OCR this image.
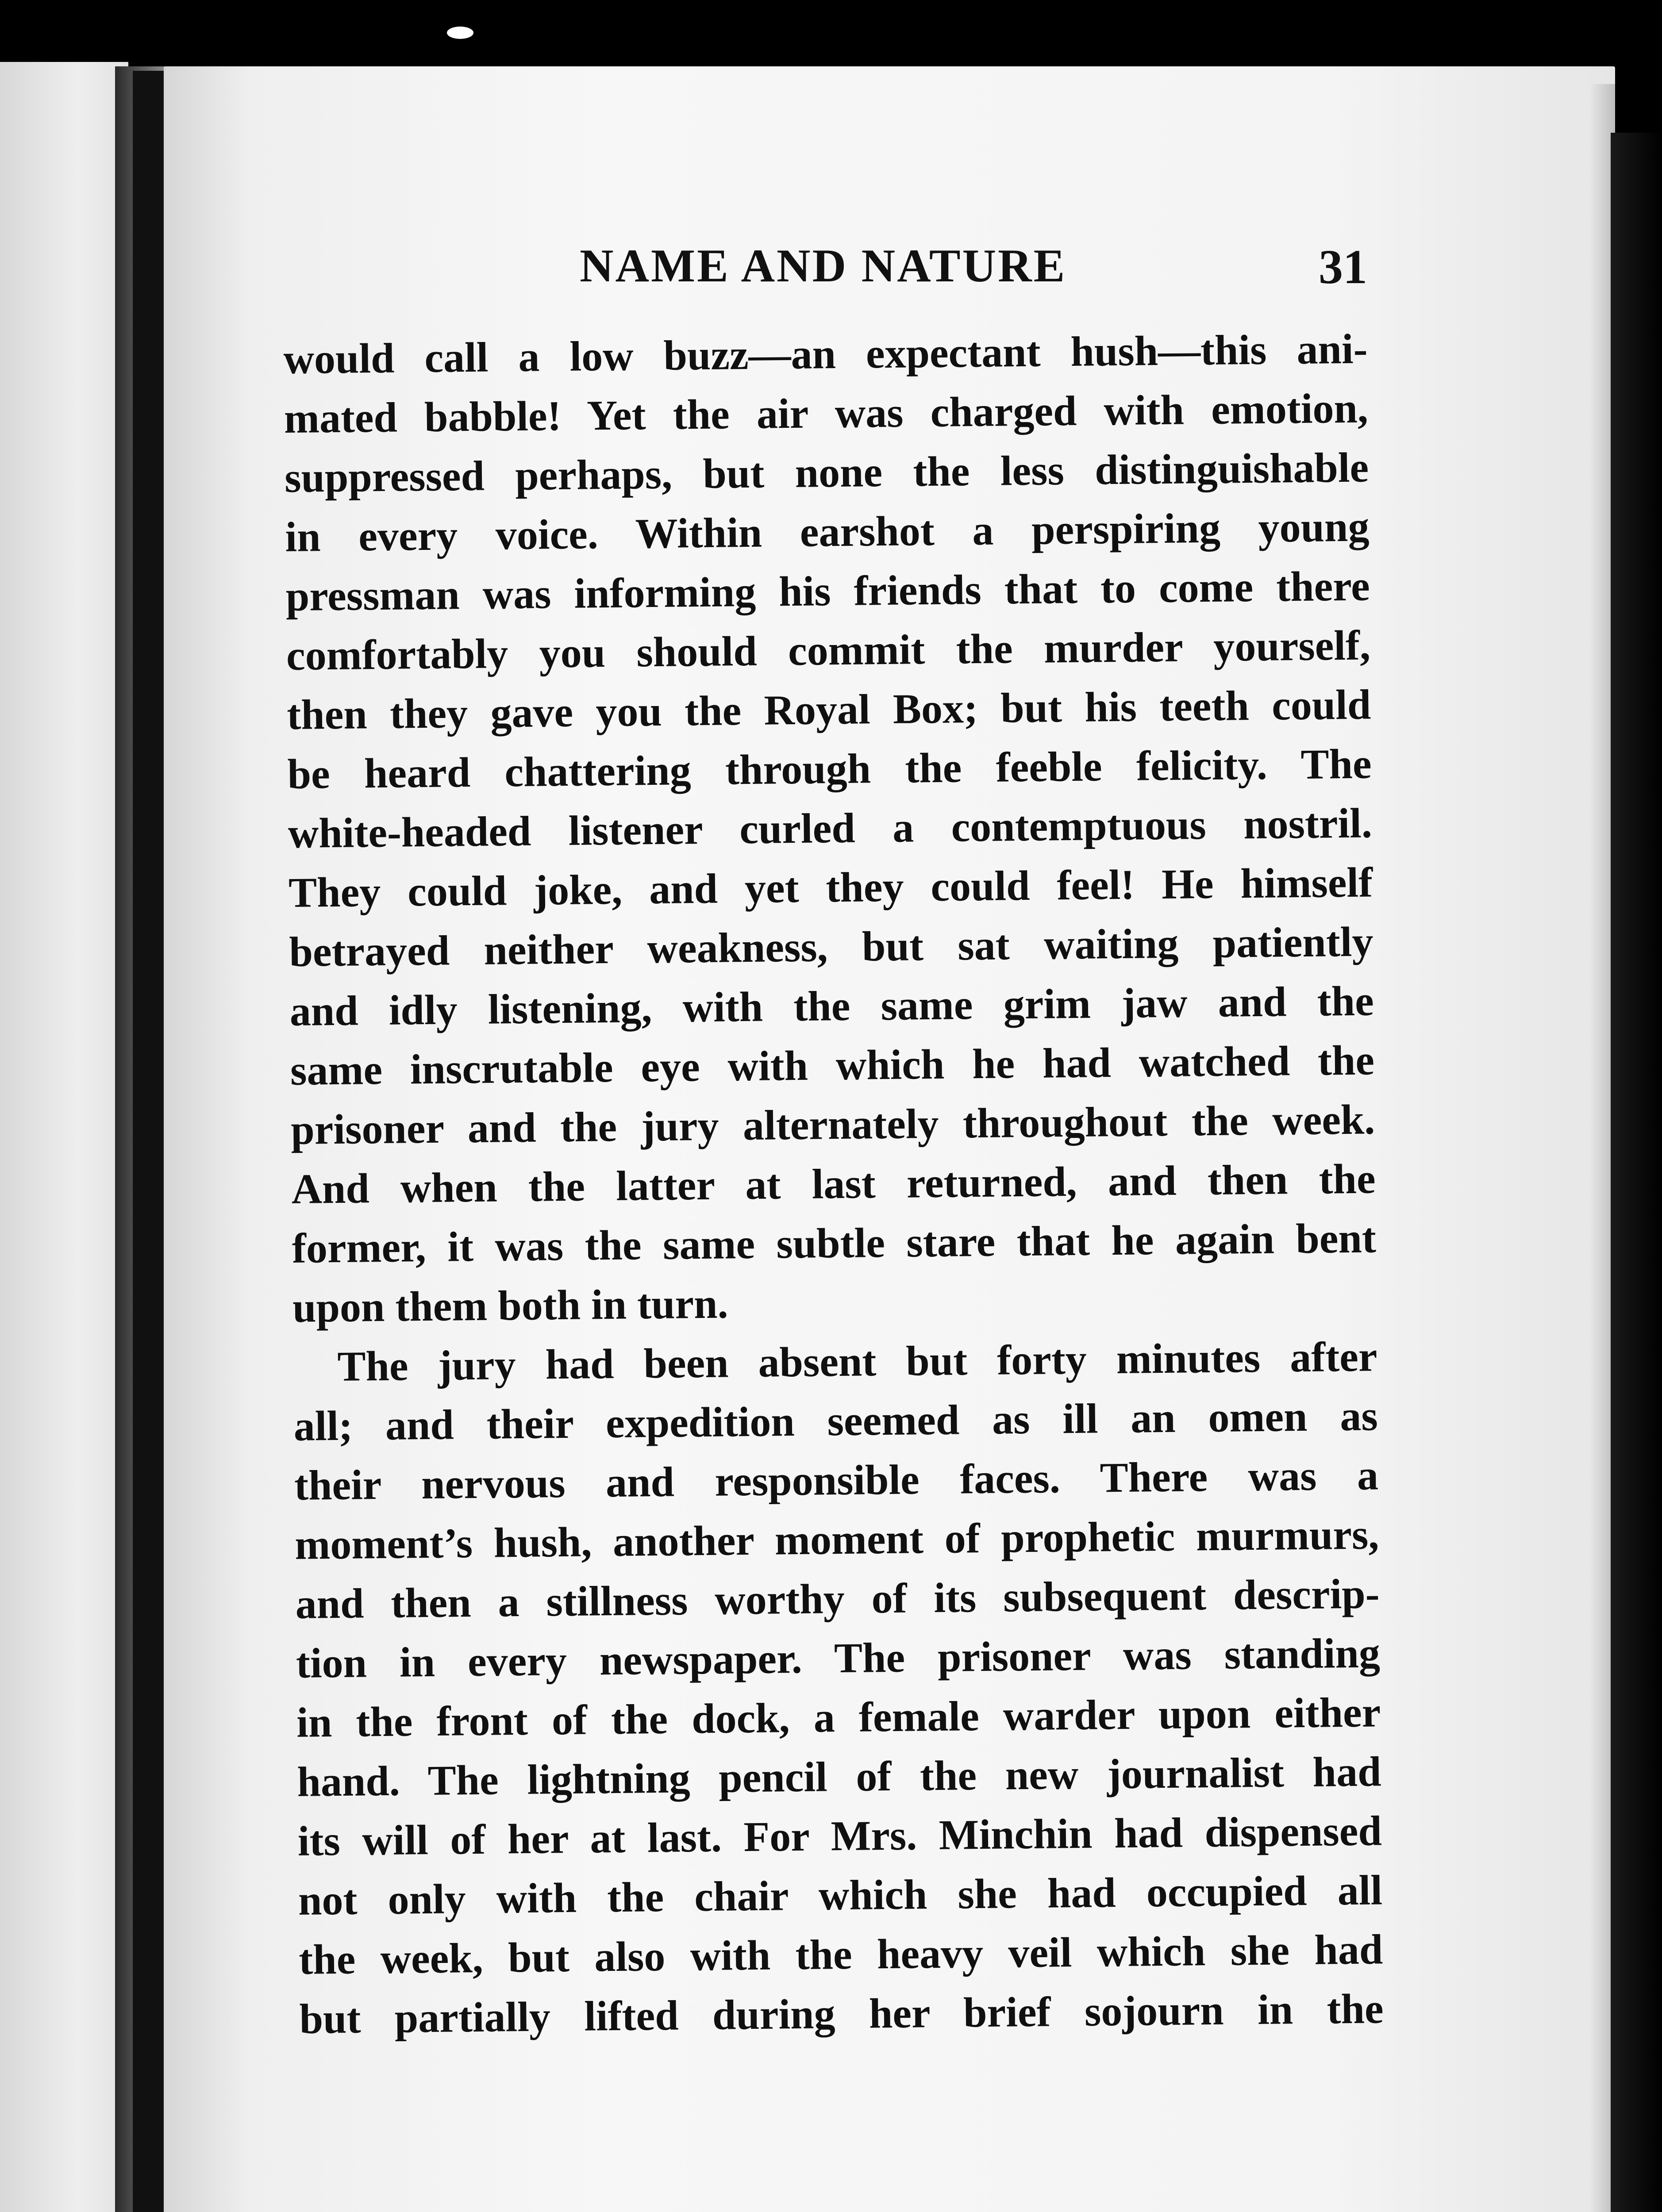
NAME AND NATURE	31
would call a low buzz—an expectant hush—this ani-
mated babble! Yet the air was charged with emotion,
suppressed perhaps, but none the less distinguishable
in every voice. Within earshot a perspiring young
pressman was informing his friends that to come there
comfortably you should commit the murder yourself,
then they gave you the Royal Box; but his teeth could
be heard chattering through the feeble felicity. The
white-headed listener curled a contemptuous nostril.
They could joke, and yet they could feel! He himself
betrayed neither weakness, but sat waiting patiently
and idly listening, with the same grim jaw and the
same inscrutable eye with which he had watched the
prisoner and the jury alternately throughout the week.
And when the latter at last returned, and then the
former, it was the same subtle stare that he again bent
upon them both in turn.
The jury had been absent but forty minutes after
all; and their expedition seemed as ill an omen as
their nervous and responsible faces. There was a
moment’s hush, another moment of prophetic murmurs,
and then a stillness worthy of its subsequent descrip-
tion in every newspaper. The prisoner was standing
in the front of the dock, a female warder upon either
hand. The lightning pencil of the new journalist had
its will of her at last. For Mrs. Minchin had dispensed
not only with the chair which she had occupied all
the week, but also with the heavy veil which she had
but partially lifted during her brief sojourn in the
